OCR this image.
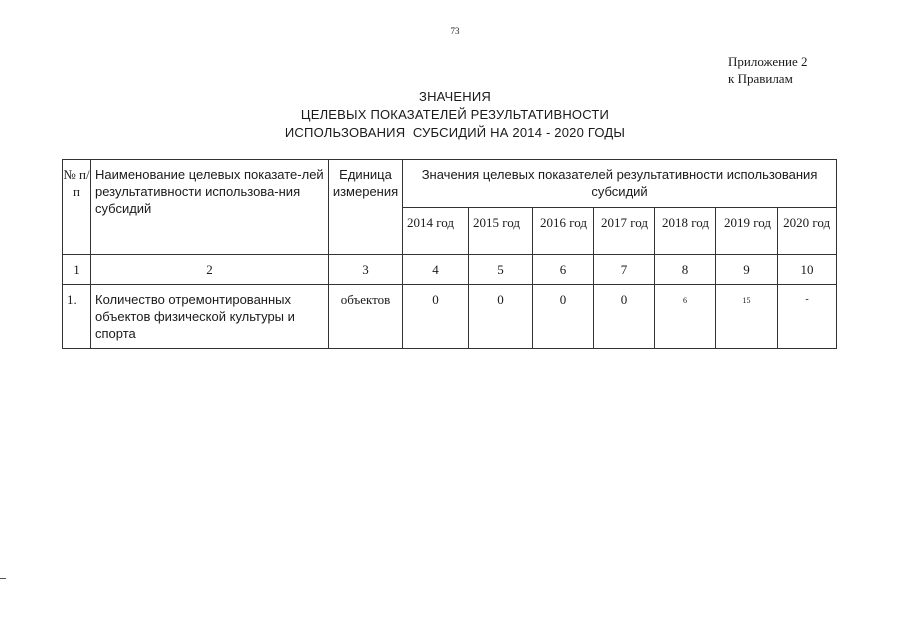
73
Приложение 2
к Правилам
ЗНАЧЕНИЯ
ЦЕЛЕВЫХ ПОКАЗАТЕЛЕЙ РЕЗУЛЬТАТИВНОСТИ
ИСПОЛЬЗОВАНИЯ  СУБСИДИЙ НА 2014 - 2020 ГОДЫ
№ п/п	Наименование целевых показате-лей результативности использова-ния субсидий	Единица измерения	Значения целевых показателей результативности использования субсидий						
			2014 год	2015 год	2016 год	2017 год	2018 год	2019 год	2020 год
1	2	3	4	5	6	7	8	9	10
1.	Количество отремонтированных объектов физической культуры и спорта	объектов	0	0	0	0	6	15	-
